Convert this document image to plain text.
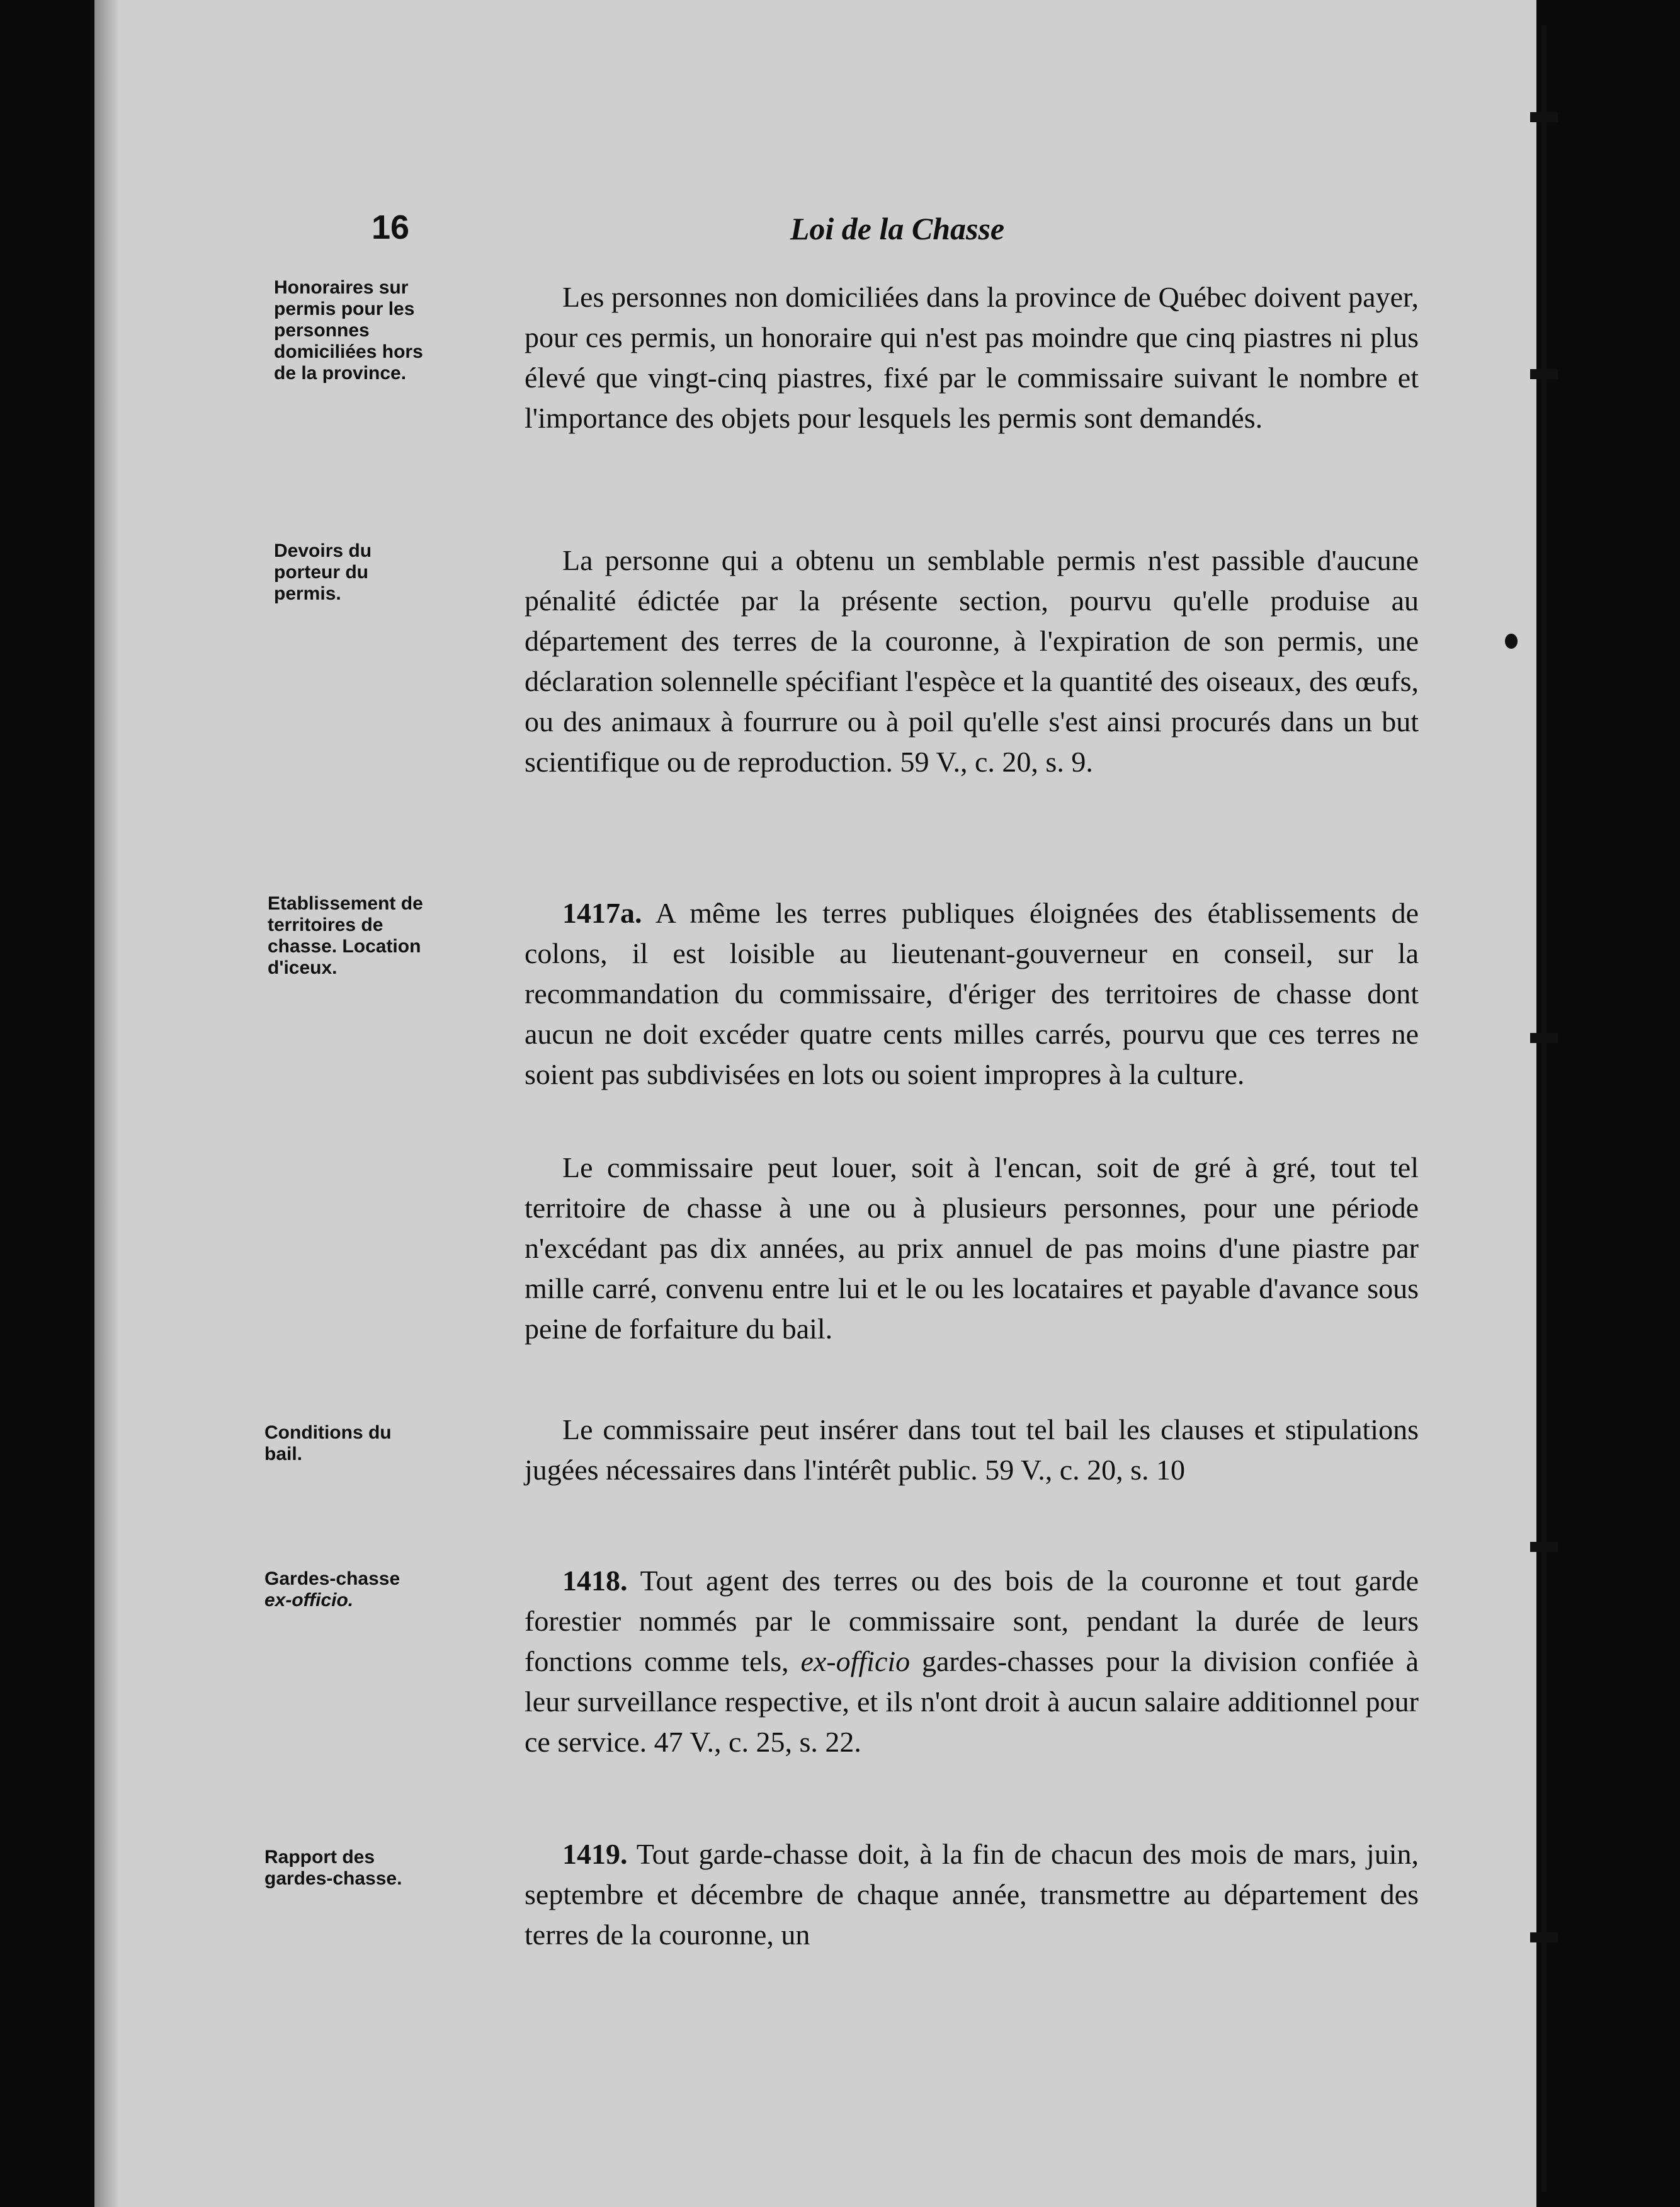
16	Loi de la Chasse
Honoraires sur permis pour les personnes domiciliées hors de la province.
Les personnes non domiciliées dans la province de Québec doivent payer, pour ces permis, un honoraire qui n'est pas moindre que cinq piastres ni plus élevé que vingt-cinq piastres, fixé par le commissaire suivant le nombre et l'importance des objets pour lesquels les permis sont demandés.
Devoirs du porteur du permis.
La personne qui a obtenu un semblable permis n'est passible d'aucune pénalité édictée par la présente section, pourvu qu'elle produise au département des terres de la couronne, à l'expiration de son permis, une déclaration solennelle spécifiant l'espèce et la quantité des oiseaux, des œufs, ou des animaux à fourrure ou à poil qu'elle s'est ainsi procurés dans un but scientifique ou de reproduction. 59 V., c. 20, s. 9.
Etablissement de territoires de chasse. Location d'iceux.
1417a. A même les terres publiques éloignées des établissements de colons, il est loisible au lieutenant-gouverneur en conseil, sur la recommandation du commissaire, d'ériger des territoires de chasse dont aucun ne doit excéder quatre cents milles carrés, pourvu que ces terres ne soient pas subdivisées en lots ou soient impropres à la culture.
Le commissaire peut louer, soit à l'encan, soit de gré à gré, tout tel territoire de chasse à une ou à plusieurs personnes, pour une période n'excédant pas dix années, au prix annuel de pas moins d'une piastre par mille carré, convenu entre lui et le ou les locataires et payable d'avance sous peine de forfaiture du bail.
Conditions du bail.
Le commissaire peut insérer dans tout tel bail les clauses et stipulations jugées nécessaires dans l'intérêt public. 59 V., c. 20, s. 10
Gardes-chasse ex-officio.
1418. Tout agent des terres ou des bois de la couronne et tout garde forestier nommés par le commissaire sont, pendant la durée de leurs fonctions comme tels, ex-officio gardes-chasses pour la division confiée à leur surveillance respective, et ils n'ont droit à aucun salaire additionnel pour ce service. 47 V., c. 25, s. 22.
Rapport des gardes-chasse.
1419. Tout garde-chasse doit, à la fin de chacun des mois de mars, juin, septembre et décembre de chaque année, transmettre au département des terres de la couronne, un
